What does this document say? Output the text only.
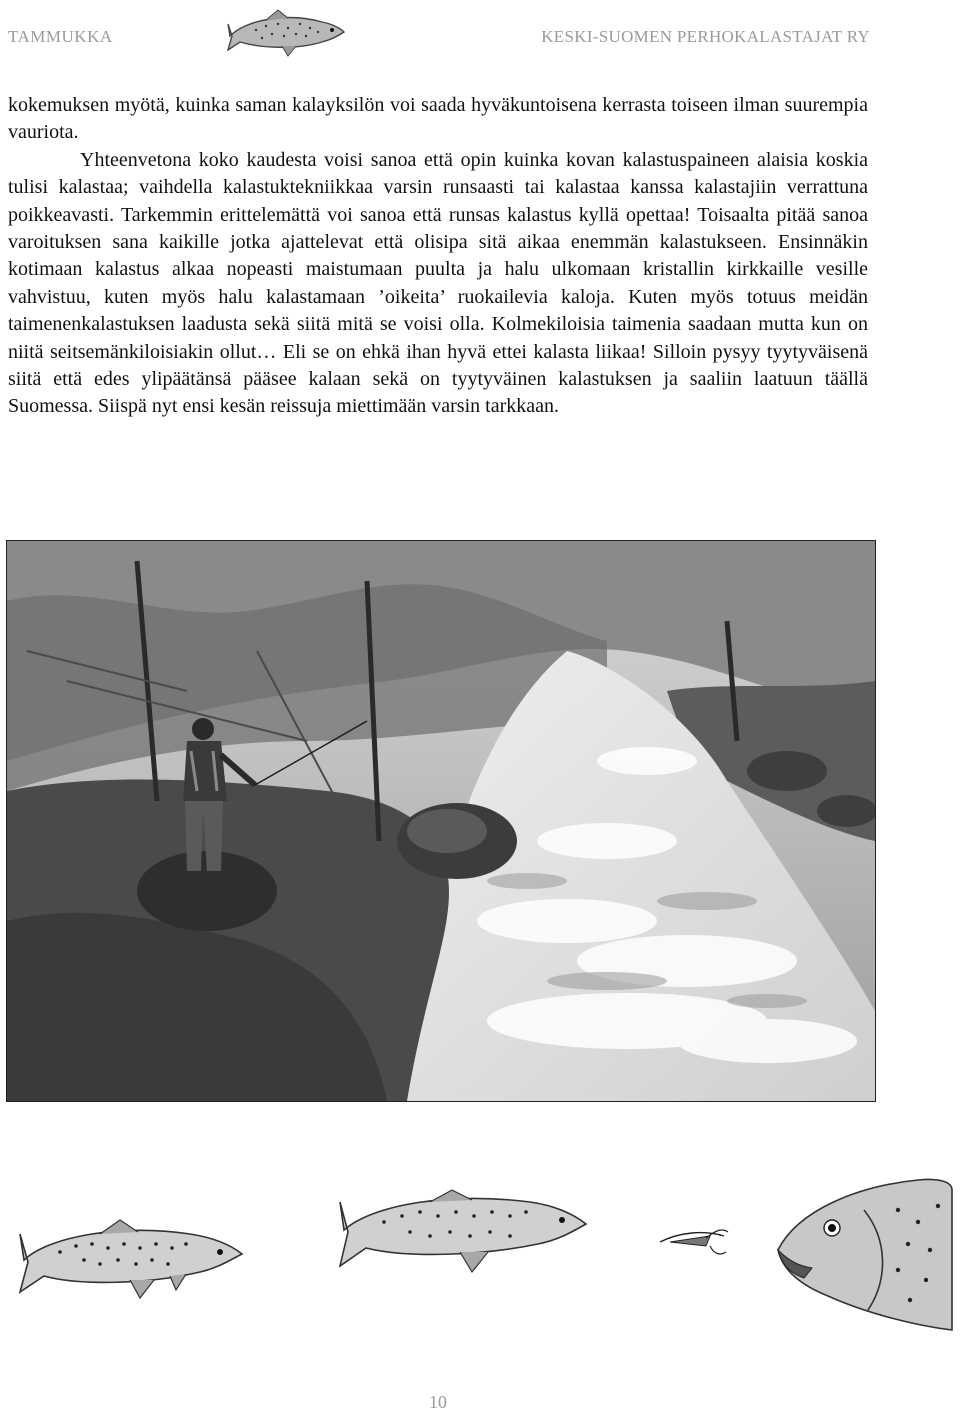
TAMMUKKA	KESKI-SUOMEN PERHOKALASTAJAT RY

kokemuksen myötä, kuinka saman kalayksilön voi saada hyväkuntoisena kerrasta toiseen ilman suurempia vauriota.

Yhteenvetona koko kaudesta voisi sanoa että opin kuinka kovan kalastuspaineen alaisia koskia tulisi kalastaa; vaihdella kalastuktekniikkaa varsin runsaasti tai kalastaa kanssa kalastajiin verrattuna poikkeavasti. Tarkemmin erittelemättä voi sanoa että runsas kalastus kyllä opettaa! Toisaalta pitää sanoa varoituksen sana kaikille jotka ajattelevat että olisipa sitä aikaa enemmän kalastukseen. Ensinnäkin kotimaan kalastus alkaa nopeasti maistumaan puulta ja halu ulkomaan kristallin kirkkaille vesille vahvistuu, kuten myös halu kalastamaan ’oikeita’ ruokailevia kaloja. Kuten myös totuus meidän taimenenkalastuksen laadusta sekä siitä mitä se voisi olla. Kolmekiloisia taimenia saadaan mutta kun on niitä seitsemänkiloisiakin ollut… Eli se on ehkä ihan hyvä ettei kalasta liikaa! Silloin pysyy tyytyväisenä siitä että edes ylipäätänsä pääsee kalaan sekä on tyytyväinen kalastuksen ja saaliin laatuun täällä Suomessa. Siispä nyt ensi kesän reissuja miettimään varsin tarkkaan.

10
